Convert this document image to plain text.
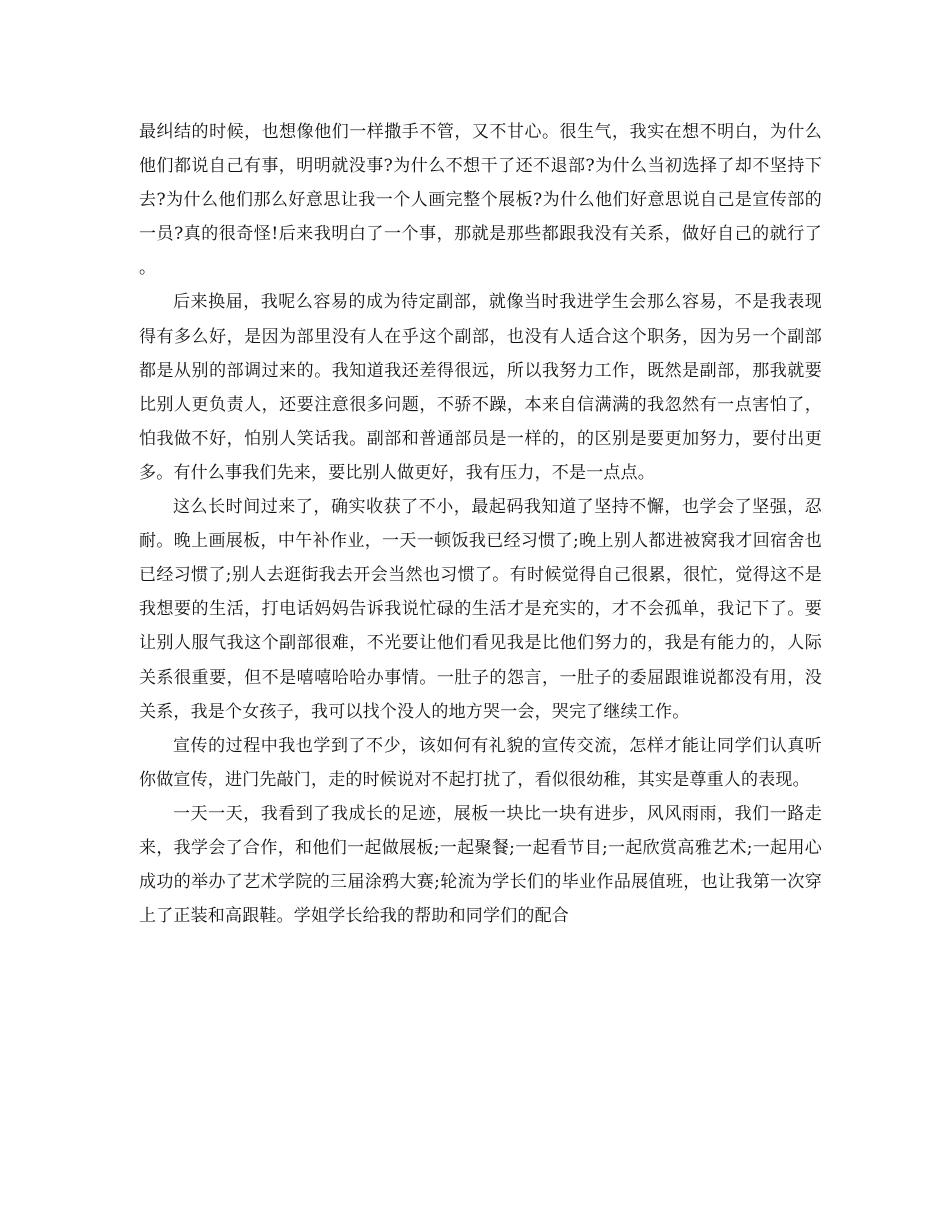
最纠结的时候，也想像他们一样撒手不管，又不甘心。很生气，我实在想不明白，为什么他们都说自己有事，明明就没事?为什么不想干了还不退部?为什么当初选择了却不坚持下去?为什么他们那么好意思让我一个人画完整个展板?为什么他们好意思说自己是宣传部的一员?真的很奇怪!后来我明白了一个事，那就是那些都跟我没有关系，做好自己的就行了。

后来换届，我呢么容易的成为待定副部，就像当时我进学生会那么容易，不是我表现得有多么好，是因为部里没有人在乎这个副部，也没有人适合这个职务，因为另一个副部都是从别的部调过来的。我知道我还差得很远，所以我努力工作，既然是副部，那我就要比别人更负责人，还要注意很多问题，不骄不躁，本来自信满满的我忽然有一点害怕了，怕我做不好，怕别人笑话我。副部和普通部员是一样的，的区别是要更加努力，要付出更多。有什么事我们先来，要比别人做更好，我有压力，不是一点点。

这么长时间过来了，确实收获了不小，最起码我知道了坚持不懈，也学会了坚强，忍耐。晚上画展板，中午补作业，一天一顿饭我已经习惯了;晚上别人都进被窝我才回宿舍也已经习惯了;别人去逛街我去开会当然也习惯了。有时候觉得自己很累，很忙，觉得这不是我想要的生活，打电话妈妈告诉我说忙碌的生活才是充实的，才不会孤单，我记下了。要让别人服气我这个副部很难，不光要让他们看见我是比他们努力的，我是有能力的，人际关系很重要，但不是嘻嘻哈哈办事情。一肚子的怨言，一肚子的委屈跟谁说都没有用，没关系，我是个女孩子，我可以找个没人的地方哭一会，哭完了继续工作。

宣传的过程中我也学到了不少，该如何有礼貌的宣传交流，怎样才能让同学们认真听你做宣传，进门先敲门，走的时候说对不起打扰了，看似很幼稚，其实是尊重人的表现。

一天一天，我看到了我成长的足迹，展板一块比一块有进步，风风雨雨，我们一路走来，我学会了合作，和他们一起做展板;一起聚餐;一起看节目;一起欣赏高雅艺术;一起用心成功的举办了艺术学院的三届涂鸦大赛;轮流为学长们的毕业作品展值班，也让我第一次穿上了正装和高跟鞋。学姐学长给我的帮助和同学们的配合
